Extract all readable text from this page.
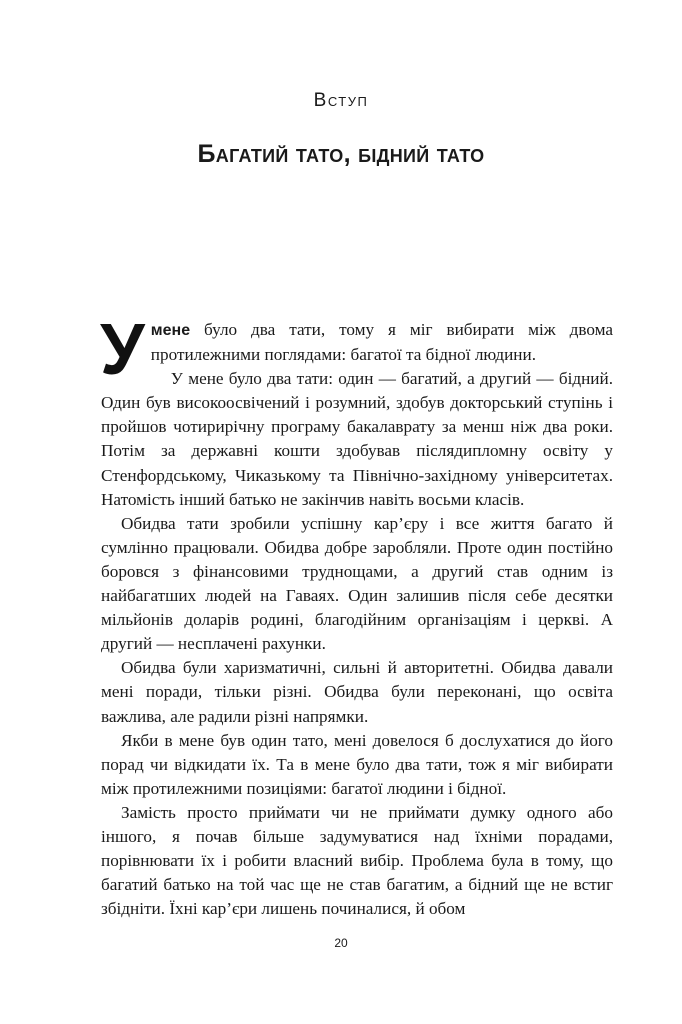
Вступ
Багатий тато, бідний тато

Умене було два тати, тому я міг вибирати між двома протилежними поглядами: багатої та бідної людини.

У мене було два тати: один — багатий, а другий — бідний. Один був високоосвічений і розумний, здобув докторський ступінь і пройшов чотирирічну програму бакалаврату за менш ніж два роки. Потім за державні кошти здобував післядипломну освіту у Стенфордському, Чиказькому та Північно-західному університетах. Натомість інший батько не закінчив навіть восьми класів.

Обидва тати зробили успішну кар’єру і все життя багато й сумлінно працювали. Обидва добре заробляли. Проте один постійно боровся з фінансовими труднощами, а другий став одним із найбагатших людей на Гаваях. Один залишив після себе десятки мільйонів доларів родині, благодійним організаціям і церкві. А другий — несплачені рахунки.

Обидва були харизматичні, сильні й авторитетні. Обидва давали мені поради, тільки різні. Обидва були переконані, що освіта важлива, але радили різні напрямки.

Якби в мене був один тато, мені довелося б дослухатися до його порад чи відкидати їх. Та в мене було два тати, тож я міг вибирати між протилежними позиціями: багатої людини і бідної.

Замість просто приймати чи не приймати думку одного або іншого, я почав більше задумуватися над їхніми порадами, порівнювати їх і робити власний вибір. Проблема була в тому, що багатий батько на той час ще не став багатим, а бідний ще не встиг збідніти. Їхні кар’єри лишень починалися, й обом

20
